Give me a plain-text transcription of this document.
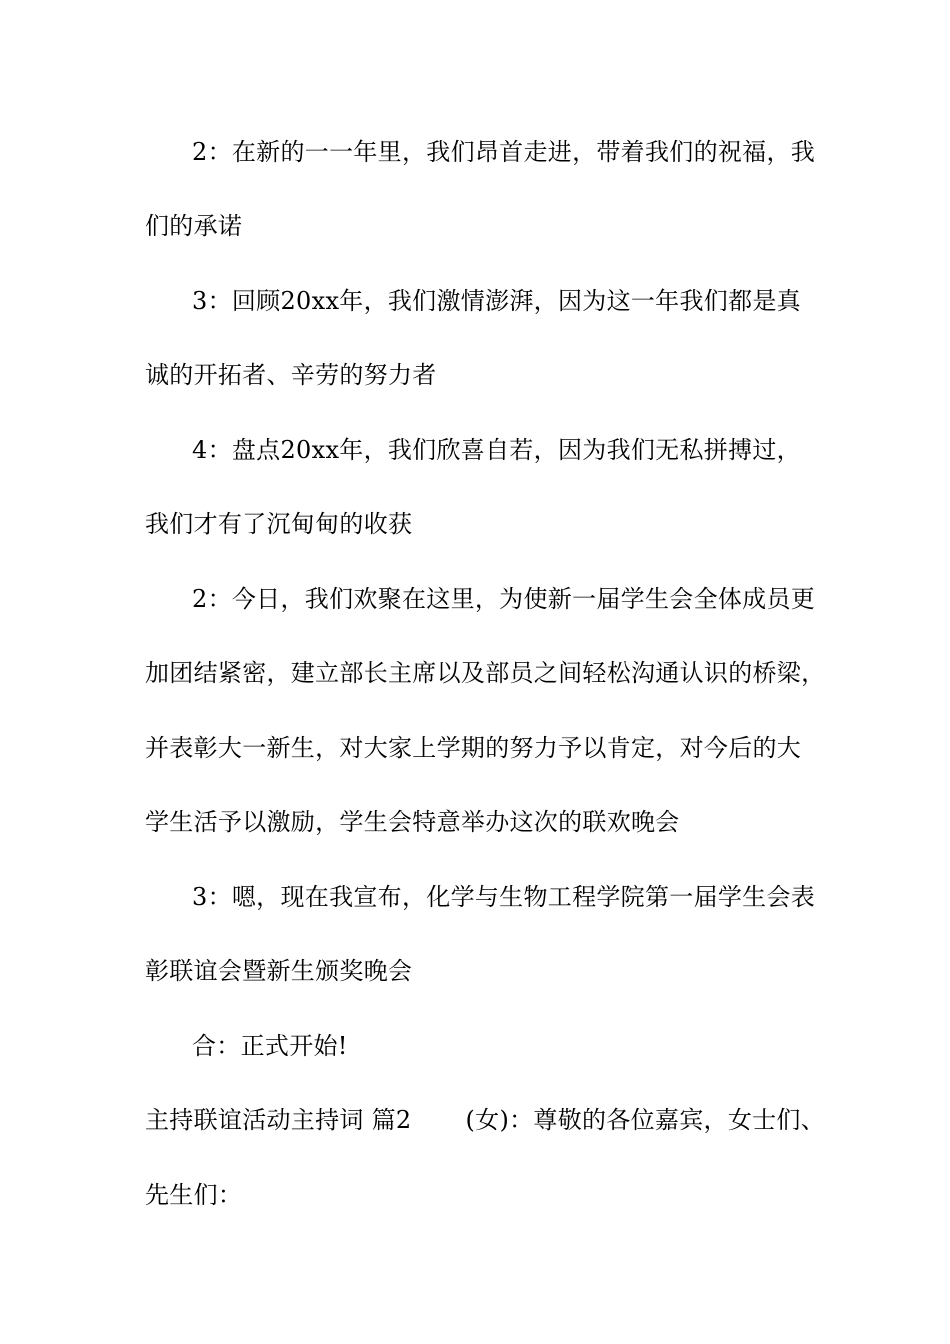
2：在新的一一年里，我们昂首走进，带着我们的祝福，我
们的承诺
3：回顾20xx年，我们激情澎湃，因为这一年我们都是真
诚的开拓者、辛劳的努力者
4：盘点20xx年，我们欣喜自若，因为我们无私拼搏过，
我们才有了沉甸甸的收获
2：今日，我们欢聚在这里，为使新一届学生会全体成员更
加团结紧密，建立部长主席以及部员之间轻松沟通认识的桥梁，
并表彰大一新生，对大家上学期的努力予以肯定，对今后的大
学生活予以激励，学生会特意举办这次的联欢晚会
3：嗯，现在我宣布，化学与生物工程学院第一届学生会表
彰联谊会暨新生颁奖晚会
合：正式开始!
主持联谊活动主持词 篇2 (女)：尊敬的各位嘉宾，女士们、
先生们：
